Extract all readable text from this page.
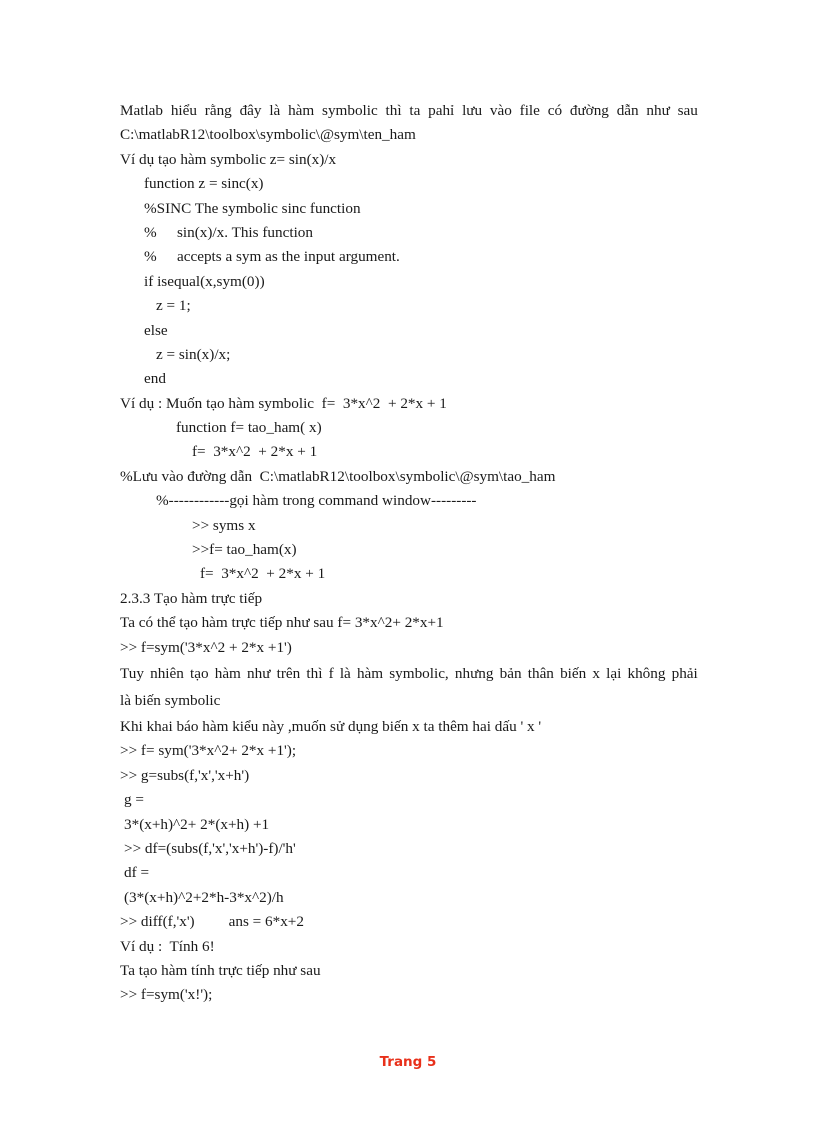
Matlab hiểu rằng đây là hàm symbolic thì ta pahỉ lưu vào file có đường dẫn như sau
C:\matlabR12\toolbox\symbolic\@sym\ten_ham
Ví dụ tạo hàm symbolic z= sin(x)/x
function z = sinc(x)
%SINC The symbolic sinc function
% sin(x)/x. This function
% accepts a sym as the input argument.
if isequal(x,sym(0))
z = 1;
else
z = sin(x)/x;
end
Ví dụ : Muốn tạo hàm symbolic  f=  3*x^2  + 2*x + 1
function f= tao_ham( x)
f=  3*x^2  + 2*x + 1
%Lưu vào đường dẫn  C:\matlabR12\toolbox\symbolic\@sym\tao_ham
%------------gọi hàm trong command window---------
>> syms x
>>f= tao_ham(x)
f=  3*x^2  + 2*x + 1
2.3.3 Tạo hàm trực tiếp
Ta có thể tạo hàm trực tiếp như sau f= 3*x^2+ 2*x+1
>> f=sym('3*x^2 + 2*x +1')
Tuy nhiên tạo hàm như trên thì f là hàm symbolic, nhưng bản thân biến x lại không phải
là biến symbolic
Khi khai báo hàm kiểu này ,muốn sử dụng biến x ta thêm hai dấu ' x '
>> f= sym('3*x^2+ 2*x +1');
>> g=subs(f,'x','x+h')
g =
3*(x+h)^2+ 2*(x+h) +1
>> df=(subs(f,'x','x+h')-f)/'h'
df =
(3*(x+h)^2+2*h-3*x^2)/h
>> diff(f,'x') ans = 6*x+2
Ví dụ :  Tính 6!
Ta tạo hàm tính trực tiếp như sau
>> f=sym('x!');
Trang 5
